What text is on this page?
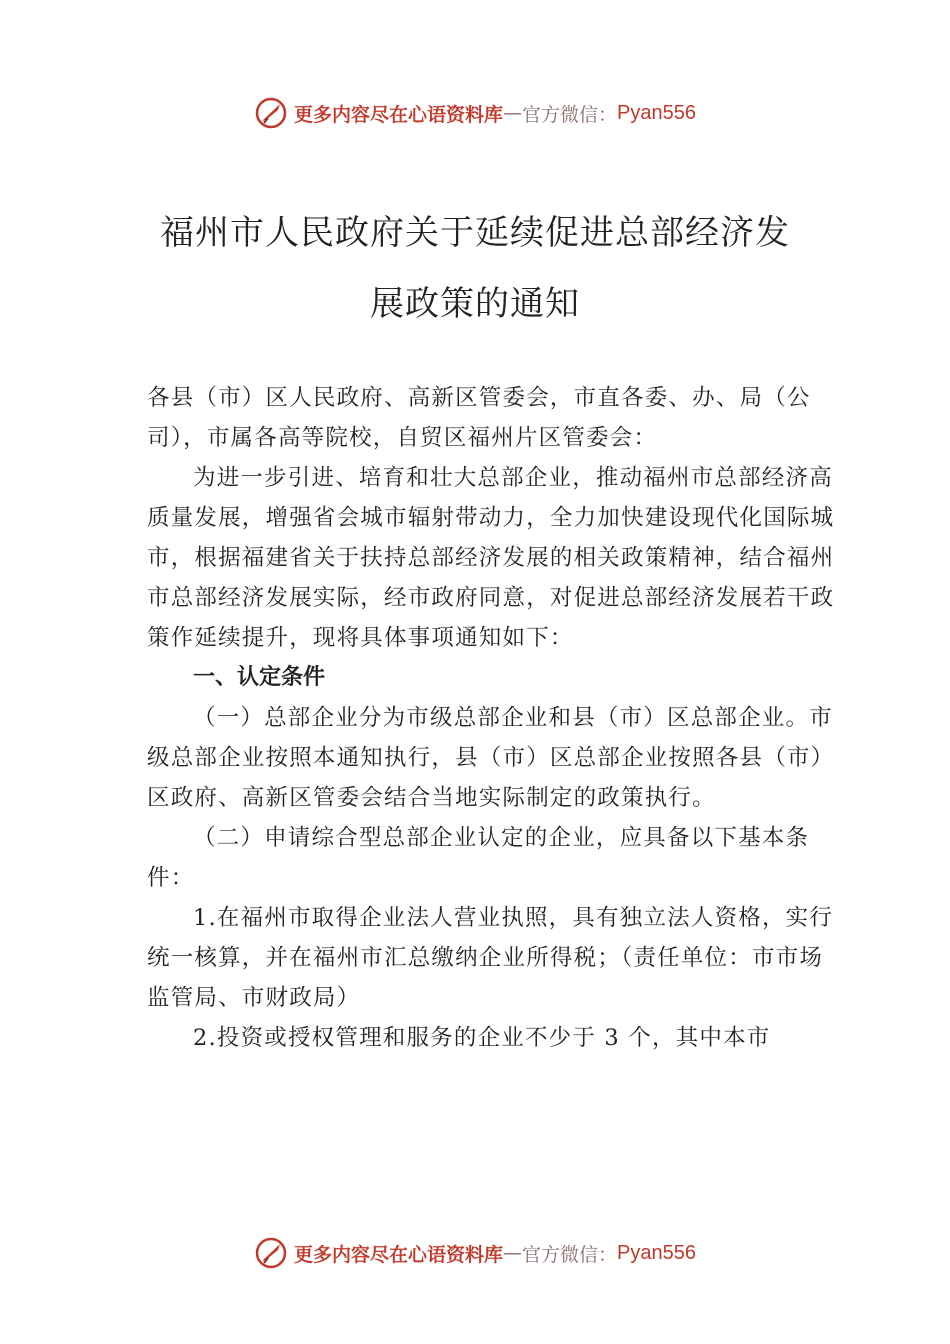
更多内容尽在心语资料库 — 官方微信： Pyan556
福州市人民政府关于延续促进总部经济发
展政策的通知

各县（市）区人民政府、高新区管委会，市直各委、办、局（公司），市属各高等院校，自贸区福州片区管委会：

为进一步引进、培育和壮大总部企业，推动福州市总部经济高质量发展，增强省会城市辐射带动力，全力加快建设现代化国际城市，根据福建省关于扶持总部经济发展的相关政策精神，结合福州市总部经济发展实际，经市政府同意，对促进总部经济发展若干政策作延续提升，现将具体事项通知如下：

一、认定条件

（一）总部企业分为市级总部企业和县（市）区总部企业。市级总部企业按照本通知执行，县（市）区总部企业按照各县（市）区政府、高新区管委会结合当地实际制定的政策执行。

（二）申请综合型总部企业认定的企业，应具备以下基本条件：

1.在福州市取得企业法人营业执照，具有独立法人资格，实行统一核算，并在福州市汇总缴纳企业所得税；（责任单位：市市场监管局、市财政局）

2.投资或授权管理和服务的企业不少于 3 个，其中本市

更多内容尽在心语资料库 — 官方微信： Pyan556
